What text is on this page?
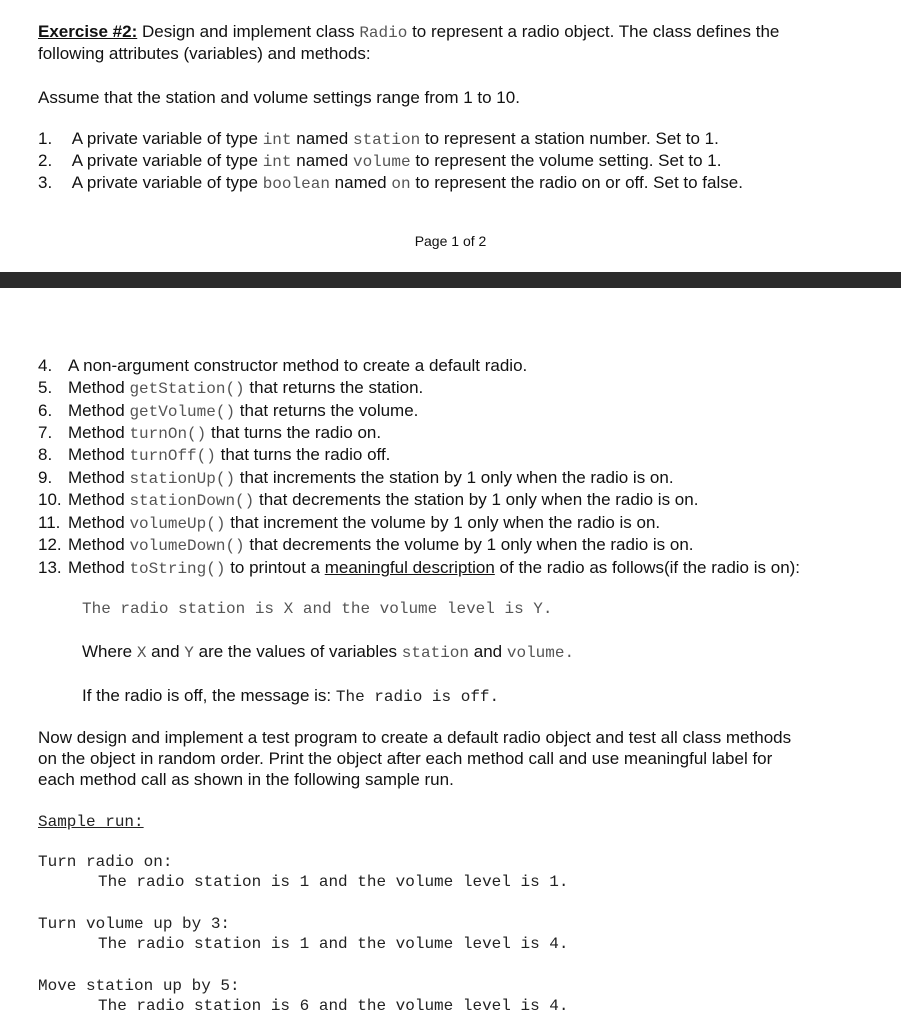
Exercise #2: Design and implement class Radio to represent a radio object. The class defines the
following attributes (variables) and methods:
Assume that the station and volume settings range from 1 to 10.
1. A private variable of type int named station to represent a station number. Set to 1.
2. A private variable of type int named volume to represent the volume setting. Set to 1.
3. A private variable of type boolean named on to represent the radio on or off. Set to false.
Page 1 of 2
4. A non-argument constructor method to create a default radio.
5. Method getStation() that returns the station.
6. Method getVolume() that returns the volume.
7. Method turnOn() that turns the radio on.
8. Method turnOff() that turns the radio off.
9. Method stationUp() that increments the station by 1 only when the radio is on.
10. Method stationDown() that decrements the station by 1 only when the radio is on.
11. Method volumeUp() that increment the volume by 1 only when the radio is on.
12. Method volumeDown() that decrements the volume by 1 only when the radio is on.
13. Method toString() to printout a meaningful description of the radio as follows(if the radio is on):
The radio station is X and the volume level is Y.
Where X and Y are the values of variables station and volume.
If the radio is off, the message is: The radio is off.
Now design and implement a test program to create a default radio object and test all class methods
on the object in random order. Print the object after each method call and use meaningful label for
each method call as shown in the following sample run.
Sample run:
Turn radio on:
The radio station is 1 and the volume level is 1.
Turn volume up by 3:
The radio station is 1 and the volume level is 4.
Move station up by 5:
The radio station is 6 and the volume level is 4.
